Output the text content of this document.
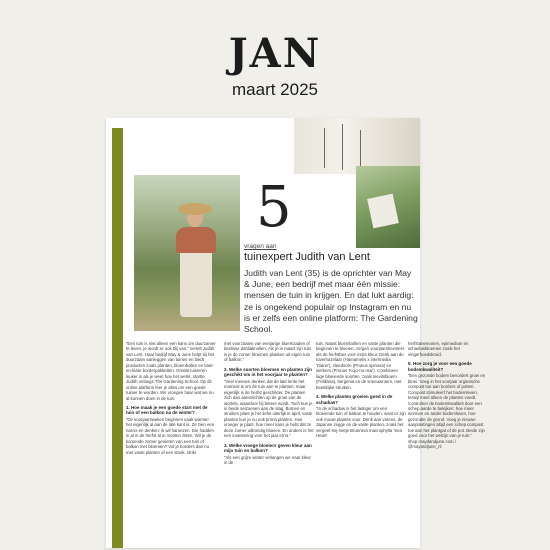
JAN
maart 2025
5
vragen aan
tuinexpert Judith van Lent
Judith van Lent (35) is de oprichter van May & June, een bedrijf met maar één missie: mensen de tuin in krijgen. En dat lukt aardig: ze is ongekend populair op Instagram en nu is er zelfs een online platform: The Gardening School.

“Een tuin is niet alleen een kans om duurzamer te leven, je wordt er ook blij van,” vertelt Judith van Lent. Haar bedrijf May & June helpt bij het duurzaam aanleggen van tuinen en biedt producten zoals planten, bloembollen en kant-en-klare borderpakketten. Omdat tuinieren leuker is als je weet hoe het werkt, startte Judith onlangs The Gardening School. Op dit online platform leer je alles om een goede tuinier te worden. We vroegen haar wat we nu al kunnen doen in de tuin.

1. Hoe maak je een goede start met de tuin of een balkon na de winter?

“De voorjaarsweken beginnen vaak warmer het eigenlijk al aan de late kant is. Ze zien een narcis en denken: ik wil haroezen. Die hadden in al in de herfst al in moeten zitten. Wil je de komende zomer genieten van een tuin of balkon met bloemen? Vul je borders dan nu met vaste planten of een struik, strikt

met voorzaaien van eenjarige bloemzaden of beslisse dahliaknollen. Als je in maart zijn tuin is je de zomer bloemen plukken uit eigen tuin of balkon.”

2. Welke soorten bloemen en planten zijn geschikt om in het voorjaar te planten?

“Veel mensen denken dat de late lente het moment is om de tuin aan te planten, maar eigenlijk is de herfst geschikter. De planten zich dan aanstrichten op de groei van de wortels, waardoor hij betere wordt. Toch kun je in beide seizoenen aan de slag. Bomen en struiken plant je het liefst uiterlijk in april, vaste planten kun je nu ook prima planten. Hoe vroeger je plant, hoe meer kans je hebt dat ze deze zomer uitbundig bloeien. En anders is het een investering voor het jaar erna.”

3. Welke vroege bloeiers geven kleur aan mijn tuin en balkon?

“Als een grijze winter verlangen we naar kleur in de

tuin. Naast bloembollen en vaste planten die beginnen te bloeien, zorgen voorjaarsheesters als de herfstbes voor extra kleur. Denk aan de toverhazelaar (Hamamelis x intermedia 'Diane'), sleedoorn (Prunus spinosa) en sierkers (Prunus 'Kojo-no-mai'). Combineer lage bloeiende soorten, zoals kievitsbloem (Fritillaria), bergenia en de sneeuwroem, met beeldrijke struiken.

4. Welke planten groeien goed in de schaduw?

“In de schaduw is het lastiger om een bloeiende tuin of balkon te houden, want er zijn ook mooie planten voor. Denk aan varens, de Japanse zegge en de vaste planten, zoals het vergeet-mij-nietje Brunnera macrophylla 'Sea Heart'.

herfstanemonen, epimedium en schaduwbloemen zoals het vingerhoedskruid.

5. Hoe zorg je voor een goede bodemkwaliteit?

“Een gezonde bodem bevordert groei en bloei. Voeg in het voorjaar organische compost toe aan borders of potten. Compost stimuleert het bodemleven, terwijl meel alleen de planten voedt. Controleer de bodemkwaliteit door een schep aarde te bekijken: hoe meer wormen en ander bodemleven, hoe gezonder de grond. Voeg je nieuwe aanplantingen altijd een schep compost toe aan het plantgat of de pot. Beide zijn goed voor het welzijn van je tuin.” shop.maydandjune.com / @mayandjune_nl
